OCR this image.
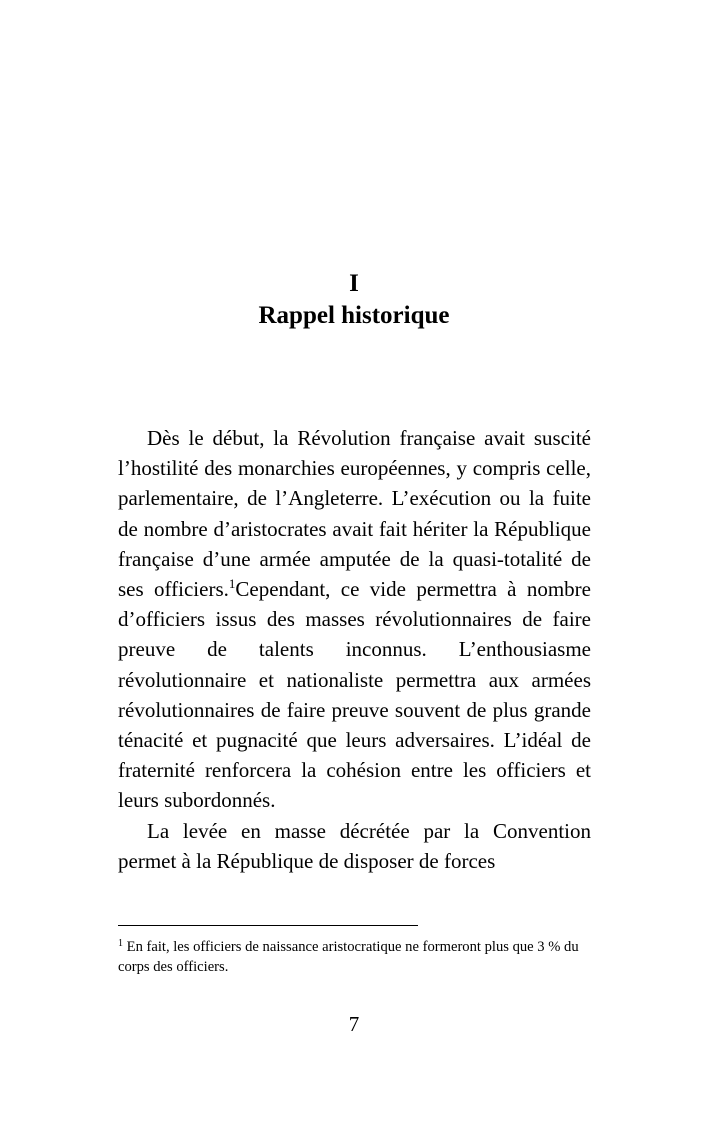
I
Rappel historique

Dès le début, la Révolution française avait suscité l’hostilité des monarchies européennes, y compris celle, parlementaire, de l’Angleterre. L’exécution ou la fuite de nombre d’aristocrates avait fait hériter la République française d’une armée amputée de la quasi-totalité de ses officiers.$^1$Cependant, ce vide permettra à nombre d’officiers issus des masses révolutionnaires de faire preuve de talents inconnus. L’enthousiasme révolutionnaire et nationaliste permettra aux armées révolutionnaires de faire preuve souvent de plus grande ténacité et pugnacité que leurs adversaires. L’idéal de fraternité renforcera la cohésion entre les officiers et leurs subordonnés.

La levée en masse décrétée par la Convention permet à la République de disposer de forces

$^1$ En fait, les officiers de naissance aristocratique ne formeront plus que 3 % du corps des officiers.
7
